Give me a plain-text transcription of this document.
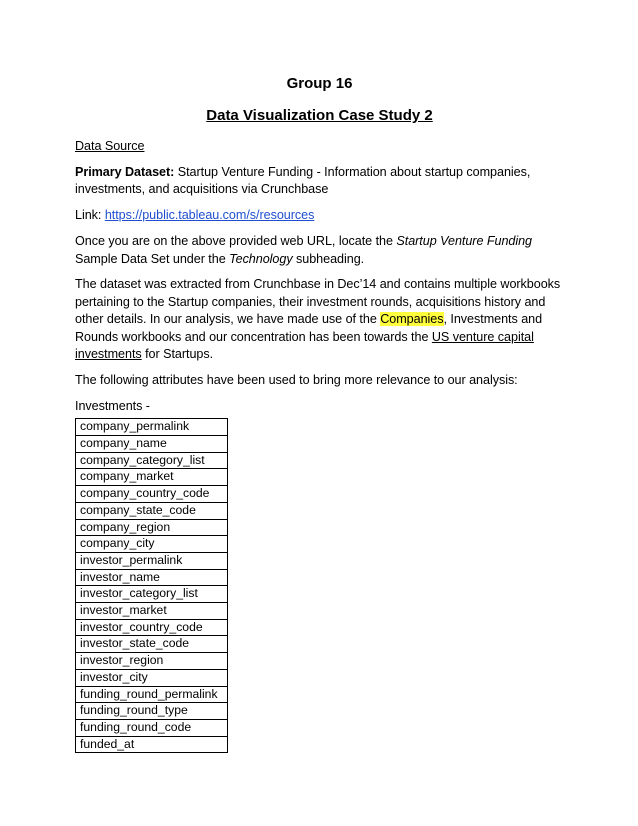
Group 16
Data Visualization Case Study 2

Data Source

Primary Dataset: Startup Venture Funding - Information about startup companies, investments, and acquisitions via Crunchbase

Link: https://public.tableau.com/s/resources

Once you are on the above provided web URL, locate the Startup Venture Funding Sample Data Set under the Technology subheading.

The dataset was extracted from Crunchbase in Dec’14 and contains multiple workbooks pertaining to the Startup companies, their investment rounds, acquisitions history and other details. In our analysis, we have made use of the Companies, Investments and Rounds workbooks and our concentration has been towards the US venture capital investments for Startups.

The following attributes have been used to bring more relevance to our analysis:

Investments -

company_permalink
company_name
company_category_list
company_market
company_country_code
company_state_code
company_region
company_city
investor_permalink
investor_name
investor_category_list
investor_market
investor_country_code
investor_state_code
investor_region
investor_city
funding_round_permalink
funding_round_type
funding_round_code
funded_at
